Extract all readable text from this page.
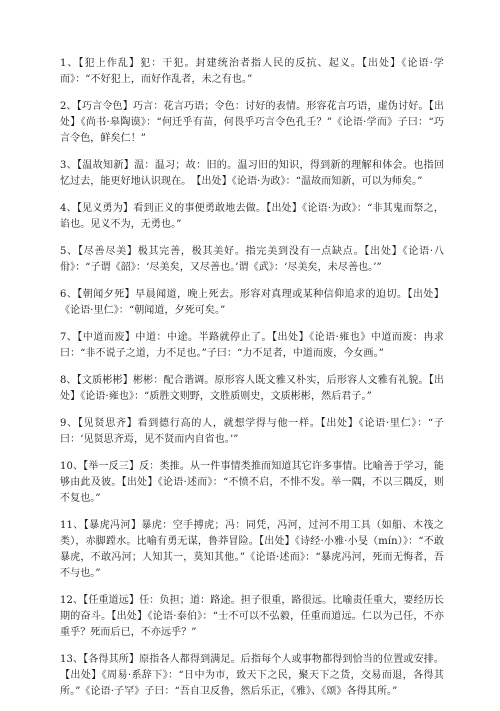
1、【犯上作乱】犯：干犯。封建统治者指人民的反抗、起义。【出处】《论语·学而》：“不好犯上，而好作乱者，未之有也。”

2、【巧言令色】巧言：花言巧语；令色：讨好的表情。形容花言巧语，虚伪讨好。【出处】《尚书·皋陶谟》：“何迁乎有苗，何畏乎巧言令色孔壬？”《论语·学而》子曰：“巧言令色，鲜矣仁！”

3、【温故知新】温：温习；故：旧的。温习旧的知识，得到新的理解和体会。也指回忆过去，能更好地认识现在。　【出处】《论语·为政》：“温故而知新，可以为师矣。”

4、【见义勇为】看到正义的事便勇敢地去做。【出处】《论语·为政》：“非其鬼而祭之，谄也。见义不为，无勇也。”

5、【尽善尽美】极其完善，极其美好。指完美到没有一点缺点。【出处】《论语·八佾》：“子谓《韶》：‘尽美矣，又尽善也。’谓《武》：‘尽美矣，未尽善也。’”

6、【朝闻夕死】早晨闻道，晚上死去。形容对真理或某种信仰追求的迫切。【出处】《论语·里仁》：“朝闻道，夕死可矣。”

7、【中道而废】中道：中途。半路就停止了。【出处】《论语·雍也》中道而废：冉求曰：“非不说子之道，力不足也。”子曰：“力不足者，中道而废，今女画。”

8、【文质彬彬】彬彬：配合谐调。原形容人既文雅又朴实，后形容人文雅有礼貌。【出处】《论语·雍也》：“质胜文则野，文胜质则史，文质彬彬，然后君子。”

9、【见贤思齐】看到德行高的人，就想学得与他一样。【出处】《论语·里仁》：“子曰：‘见贤思齐焉，见不贤而内自省也。’”

10、【举一反三】反：类推。从一件事情类推而知道其它许多事情。比喻善于学习，能够由此及彼。【出处】《论语·述而》：“不愤不启，不悱不发。举一隅，不以三隅反，则不复也。”

11、【暴虎冯河】暴虎：空手搏虎；冯：同凭，冯河，过河不用工具（如船、木筏之类），赤脚蹚水。比喻有勇无谋，鲁莽冒险。【出处】《诗经·小雅·小旻（mín）》：“不敢暴虎，不敢冯河；人知其一，莫知其他。”《论语·述而》：“暴虎冯河，死而无悔者，吾不与也。”

12、【任重道远】任：负担；道：路途。担子很重，路很远。比喻责任重大，要经历长期的奋斗。【出处】《论语·泰伯》：“士不可以不弘毅，任重而道远。仁以为己任，不亦重乎？死而后已，不亦远乎？”

13、【各得其所】原指各人都得到满足。后指每个人或事物都得到恰当的位置或安排。【出处】《周易·系辞下》：“日中为市，致天下之民，聚天下之货，交易而退，各得其所。”《论语·子罕》子曰：“吾自卫反鲁，然后乐正，《雅》、《颂》各得其所。”
